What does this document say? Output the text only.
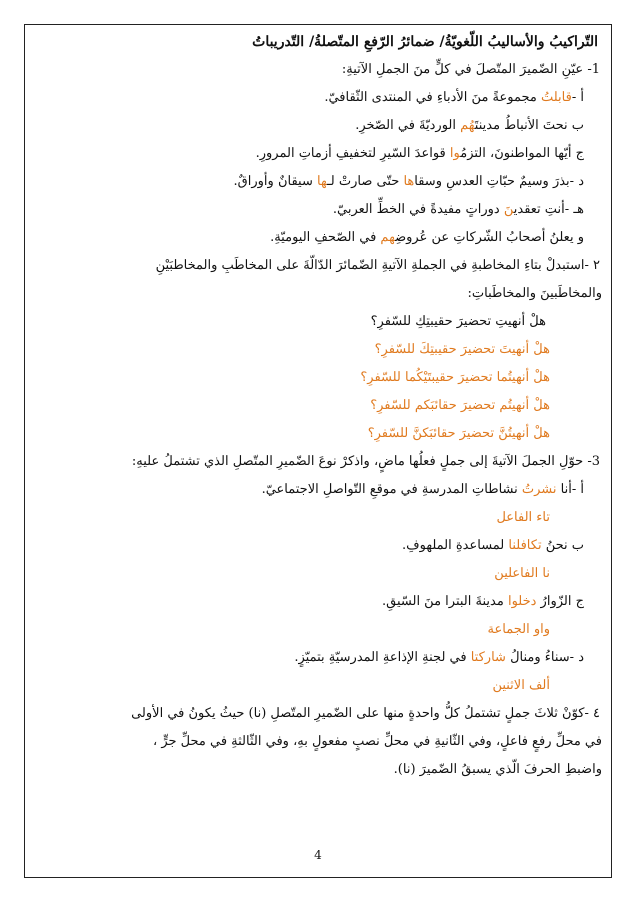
التّراكيبُ والأساليبُ اللّغويّةُ/ ضمائرُ الرّفعِ المتّصلةُ/ التّدريباتُ
1- عيّنِ الضّميرَ المتّصلَ في كلٍّ منَ الجملِ الآتيةِ:
أ -قابلتُ مجموعةً منَ الأدباءِ في المنتدى الثّقافيّ.
ب نحتَ الأنباطُ مدينتَهُم الورديّةَ في الصّخرِ.
ج أيّها المواطنونَ، التزمُوا قواعدَ السّيرِ لتخفيفِ أزماتِ المرورِ.
د -بذرَ وسيمٌ حبّاتِ العدسِ وسقاها حتّى صارتْ لـها سيقانٌ وأوراقٌ.
هـ -أنتِ تعقدينَ دوراتٍ مفيدةً في الخطِّ العربيّ.
و يعلنُ أصحابُ الشّركاتِ عن عُروضِهم في الصّحفِ اليوميّةِ.
٢ -استبدلْ بتاءِ المخاطبةِ في الجملةِ الآتيةِ الضّمائرَ الدّالّةَ على المخاطَبِ والمخاطبَيْنِ
والمخاطَبينَ والمخاطَباتِ:
هلْ أنهيتِ تحضيرَ حقيبتِكِ للسّفرِ؟
هلْ أنهيتَ تحضيرَ حقيبتِكَ للسّفرِ؟
هلْ أنهيتُما تحضيرَ حقيبتَيْكُما للسّفرِ؟
هلْ أنهيتُم تحضيرَ حقائبَكم للسّفرِ؟
هلْ أنهيتُنَّ تحضيرَ حقائبَكنَّ للسّفرِ؟
3- حوّلِ الجملَ الآتيةَ إلى جملٍ فعلُها ماضٍ، واذكرْ نوعَ الضّميرِ المتّصلِ الذي تشتملُ عليهِ:
أ -أنا نشرتُ نشاطاتِ المدرسةِ في موقعِ التّواصلِ الاجتماعيّ.
تاء الفاعل
ب نحنُ تكافلنا لمساعدةِ الملهوفِ.
نا الفاعلين
ج الزّوارُ دخلوا مدينةَ البترا منَ السّيقِ.
واو الجماعة
د -سناءُ ومنالُ شاركتا في لجنةِ الإذاعةِ المدرسيّةِ بتميّزٍ.
ألف الاثنين
٤ -كوّنْ ثلاثَ جملٍ تشتملُ كلُّ واحدةٍ منها على الضّميرِ المتّصلِ (نا) حيثُ يكونُ في الأولى
في محلِّ رفعٍ فاعلٍ، وفي الثّانيةِ في محلِّ نصبٍ مفعولٍ بهِ، وفي الثّالثةِ في محلِّ جرٍّ ،
واضبطِ الحرفَ الّذي يسبقُ الضّميرَ (نا).
4
